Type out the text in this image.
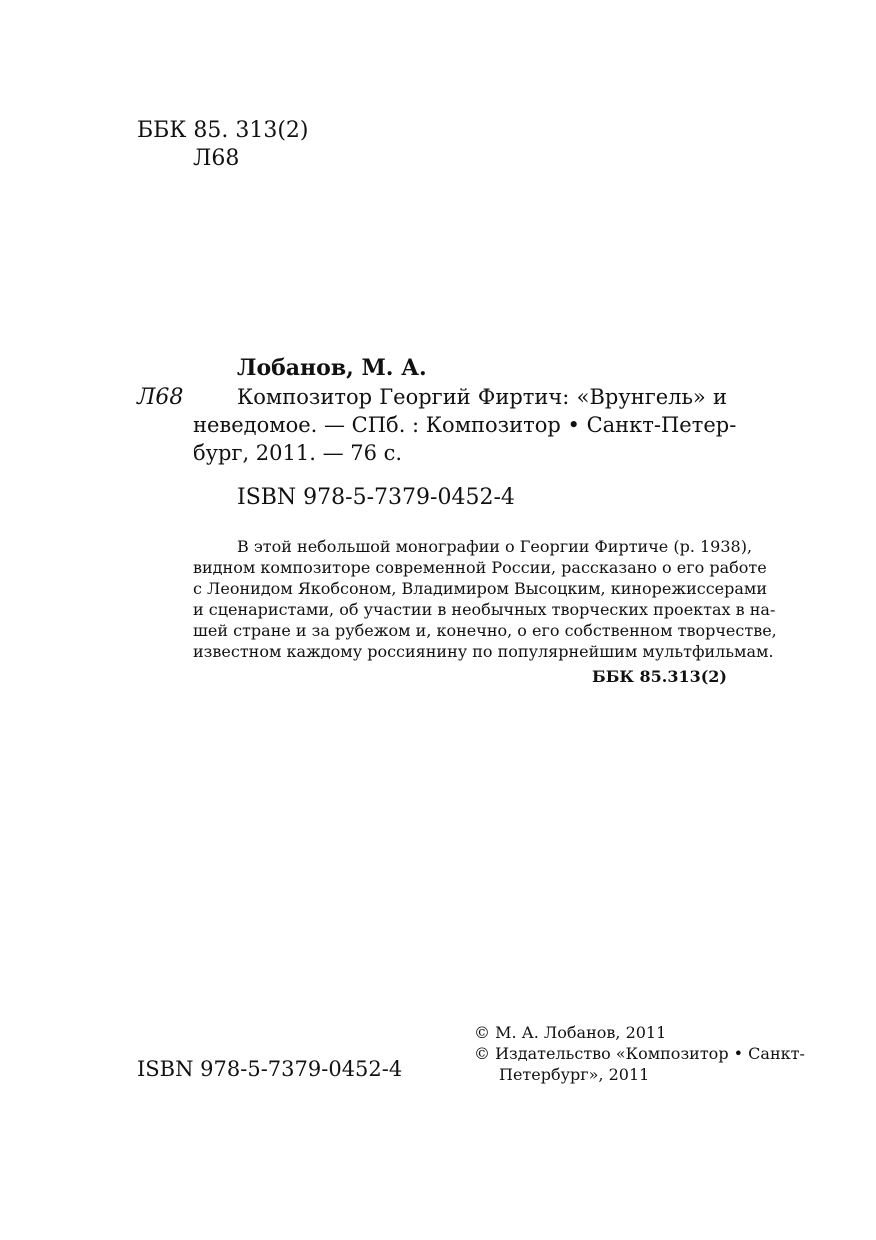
ББК 85. 313(2)
Л68
Лобанов, М. А.
Л68	Композитор Георгий Фиртич: «Врунгель» и
неведомое. — СПб. : Композитор • Санкт-Петер-
бург, 2011. — 76 с.
ISBN 978-5-7379-0452-4
В этой небольшой монографии о Георгии Фиртиче (р. 1938),
видном композиторе современной России, рассказано о его работе
с Леонидом Якобсоном, Владимиром Высоцким, кинорежиссерами
и сценаристами, об участии в необычных творческих проектах в на-
шей стране и за рубежом и, конечно, о его собственном творчестве,
известном каждому россиянину по популярнейшим мультфильмам.
ББК 85.313(2)
© М. А. Лобанов, 2011
© Издательство «Композитор • Санкт-
Петербург», 2011
ISBN 978-5-7379-0452-4
